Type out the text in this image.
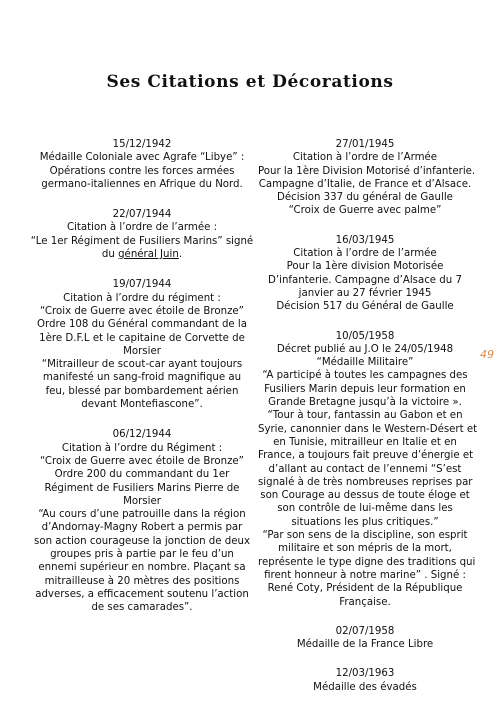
Ses Citations et Décorations
15/12/1942
Médaille Coloniale avec Agrafe “Libye” :
Opérations contre les forces armées
germano-italiennes en Afrique du Nord.
22/07/1944
Citation à l’ordre de l’armée :
“Le 1er Régiment de Fusiliers Marins” signé
du général Juin.
19/07/1944
Citation à l’ordre du régiment :
“Croix de Guerre avec étoile de Bronze”
Ordre 108 du Général commandant de la
1ère D.F.L et le capitaine de Corvette de
Morsier
“Mitrailleur de scout-car ayant toujours
manifesté un sang-froid magnifique au
feu, blessé par bombardement aérien
devant Montefiascone”.
06/12/1944
Citation à l’ordre du Régiment :
“Croix de Guerre avec étoile de Bronze”
Ordre 200 du commandant du 1er
Régiment de Fusiliers Marins Pierre de
Morsier
“Au cours d’une patrouille dans la région
d’Andornay-Magny Robert a permis par
son action courageuse la jonction de deux
groupes pris à partie par le feu d’un
ennemi supérieur en nombre. Plaçant sa
mitrailleuse à 20 mètres des positions
adverses, a efficacement soutenu l’action
de ses camarades”.
27/01/1945
Citation à l’ordre de l’Armée
Pour la 1ère Division Motorisé d’infanterie.
Campagne d’Italie, de France et d’Alsace.
Décision 337 du général de Gaulle
“Croix de Guerre avec palme”
16/03/1945
Citation à l’ordre de l’armée
Pour la 1ère division Motorisée
D’infanterie. Campagne d’Alsace du 7
janvier au 27 février 1945
Décision 517 du Général de Gaulle
10/05/1958
Décret publié au J.O le 24/05/1948
“Médaille Militaire”
“A participé à toutes les campagnes des
Fusiliers Marin depuis leur formation en
Grande Bretagne jusqu’à la victoire ».
“Tour à tour, fantassin au Gabon et en
Syrie, canonnier dans le Western-Désert et
en Tunisie, mitrailleur en Italie et en
France, a toujours fait preuve d’énergie et
d’allant au contact de l’ennemi “S’est
signalé à de très nombreuses reprises par
son Courage au dessus de toute éloge et
son contrôle de lui-même dans les
situations les plus critiques.”
“Par son sens de la discipline, son esprit
militaire et son mépris de la mort,
représente le type digne des traditions qui
firent honneur à notre marine” . Signé :
René Coty, Président de la République
Française.
02/07/1958
Médaille de la France Libre
12/03/1963
Médaille des évadés
49
